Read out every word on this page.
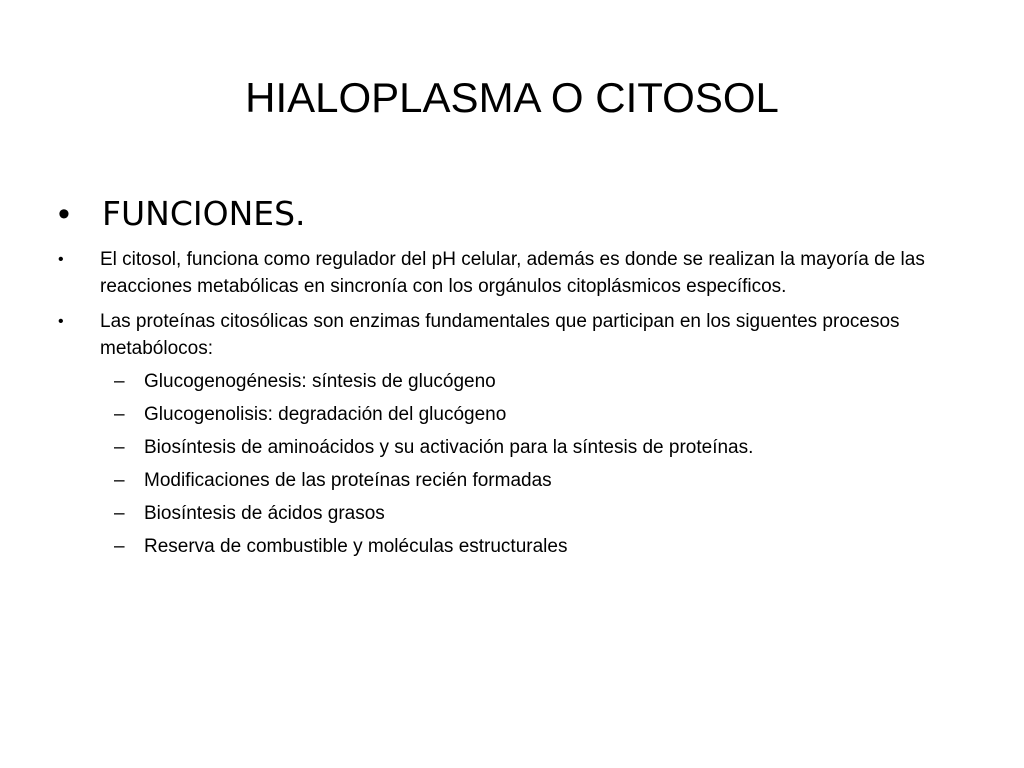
HIALOPLASMA O CITOSOL
• FUNCIONES.
•	El citosol, funciona como regulador del pH celular, además es donde se realizan la mayoría de las reacciones metabólicas en sincronía con los orgánulos citoplásmicos específicos.
•	Las proteínas citosólicas son enzimas fundamentales que participan en los siguentes procesos metabólocos:
–	Glucogenogénesis: síntesis de glucógeno
–	Glucogenolisis: degradación del glucógeno
–	Biosíntesis de aminoácidos y su activación para la síntesis de proteínas.
–	Modificaciones de las proteínas recién formadas
–	Biosíntesis de ácidos grasos
–	Reserva de combustible y moléculas estructurales
